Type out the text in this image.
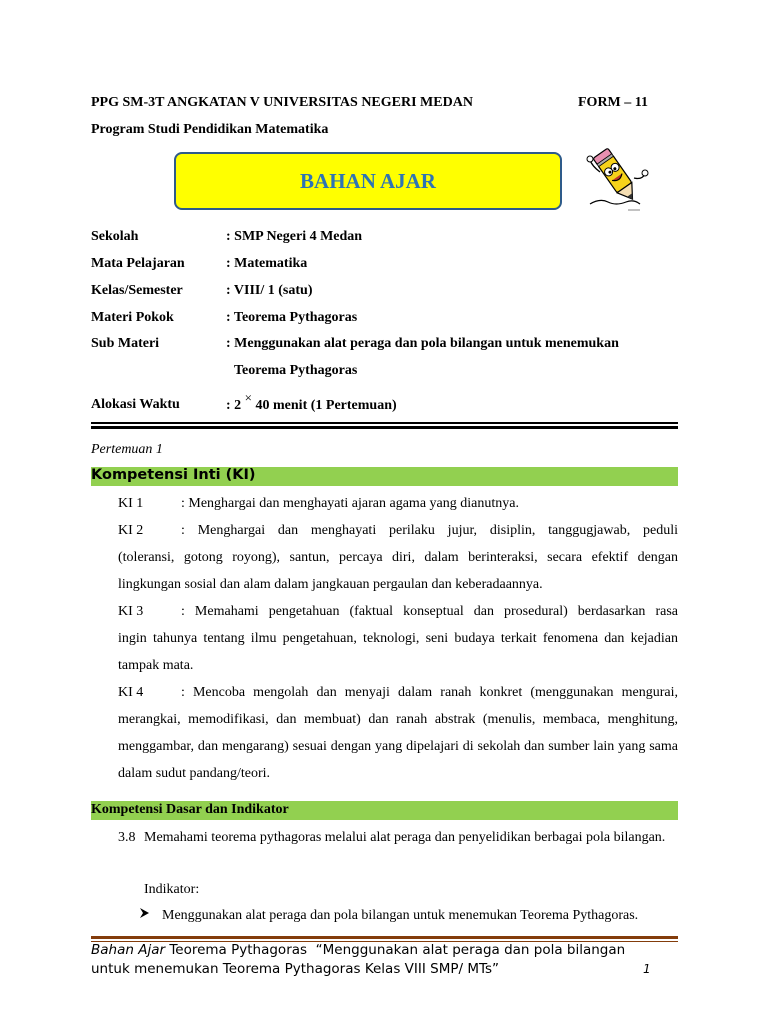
PPG SM-3T ANGKATAN V UNIVERSITAS NEGERI MEDAN	FORM – 11
Program Studi Pendidikan Matematika
BAHAN AJAR
Sekolah	: SMP Negeri 4 Medan
Mata Pelajaran	: Matematika
Kelas/Semester	: VIII/ 1 (satu)
Materi Pokok	: Teorema Pythagoras
Sub Materi	: Menggunakan alat peraga dan pola bilangan untuk menemukan
Teorema Pythagoras
Alokasi Waktu	: 2 × 40 menit (1 Pertemuan)
Pertemuan 1
Kompetensi Inti (KI)
KI 1	: Menghargai dan menghayati ajaran agama yang dianutnya.
KI 2	: Menghargai dan menghayati perilaku jujur, disiplin, tanggugjawab, peduli
(toleransi, gotong royong), santun, percaya diri, dalam berinteraksi, secara efektif dengan lingkungan sosial dan alam dalam jangkauan pergaulan dan keberadaannya.
KI 3	: Memahami pengetahuan (faktual konseptual dan prosedural) berdasarkan rasa
ingin tahunya tentang ilmu pengetahuan, teknologi, seni budaya terkait fenomena dan kejadian tampak mata.
KI 4	: Mencoba mengolah dan menyaji dalam ranah konkret (menggunakan mengurai,
merangkai, memodifikasi, dan membuat) dan ranah abstrak (menulis, membaca, menghitung, menggambar, dan mengarang) sesuai dengan yang dipelajari di sekolah dan sumber lain yang sama dalam sudut pandang/teori.
Kompetensi Dasar dan Indikator
3.8 Memahami teorema pythagoras melalui alat peraga dan penyelidikan berbagai pola bilangan.
Indikator:
Menggunakan alat peraga dan pola bilangan untuk menemukan Teorema Pythagoras.
Bahan Ajar Teorema Pythagoras  “Menggunakan alat peraga dan pola bilangan
untuk menemukan Teorema Pythagoras Kelas VIII SMP/ MTs”	1
